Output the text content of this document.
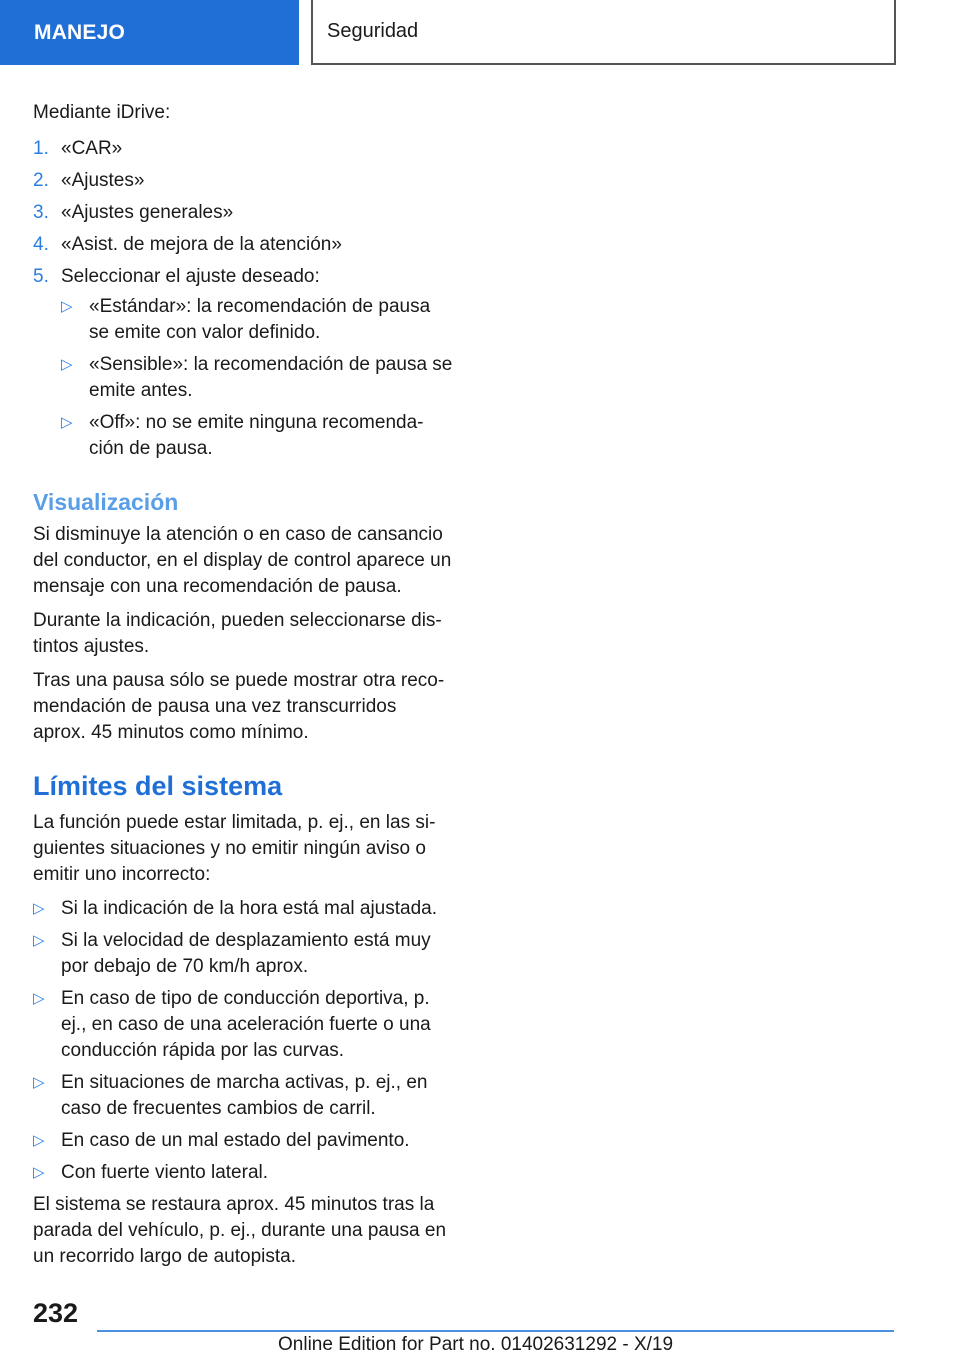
MANEJO	Seguridad

Mediante iDrive:

1. «CAR»
2. «Ajustes»
3. «Ajustes generales»
4. «Asist. de mejora de la atención»
5. Seleccionar el ajuste deseado:
▷ «Estándar»: la recomendación de pausa se emite con valor definido.
▷ «Sensible»: la recomendación de pausa se emite antes.
▷ «Off»: no se emite ninguna recomenda‐ ción de pausa.
Visualización

Si disminuye la atención o en caso de cansancio del conductor, en el display de control aparece un mensaje con una recomendación de pausa.

Durante la indicación, pueden seleccionarse dis‐ tintos ajustes.

Tras una pausa sólo se puede mostrar otra reco‐ mendación de pausa una vez transcurridos aprox. 45 minutos como mínimo.

Límites del sistema

La función puede estar limitada, p. ej., en las si‐ guientes situaciones y no emitir ningún aviso o emitir uno incorrecto:

▷ Si la indicación de la hora está mal ajustada.
▷ Si la velocidad de desplazamiento está muy por debajo de 70 km/h aprox.
▷ En caso de tipo de conducción deportiva, p. ej., en caso de una aceleración fuerte o una conducción rápida por las curvas.
▷ En situaciones de marcha activas, p. ej., en caso de frecuentes cambios de carril.
▷ En caso de un mal estado del pavimento.
▷ Con fuerte viento lateral.

El sistema se restaura aprox. 45 minutos tras la parada del vehículo, p. ej., durante una pausa en un recorrido largo de autopista.

232
Online Edition for Part no. 01402631292 - X/19
